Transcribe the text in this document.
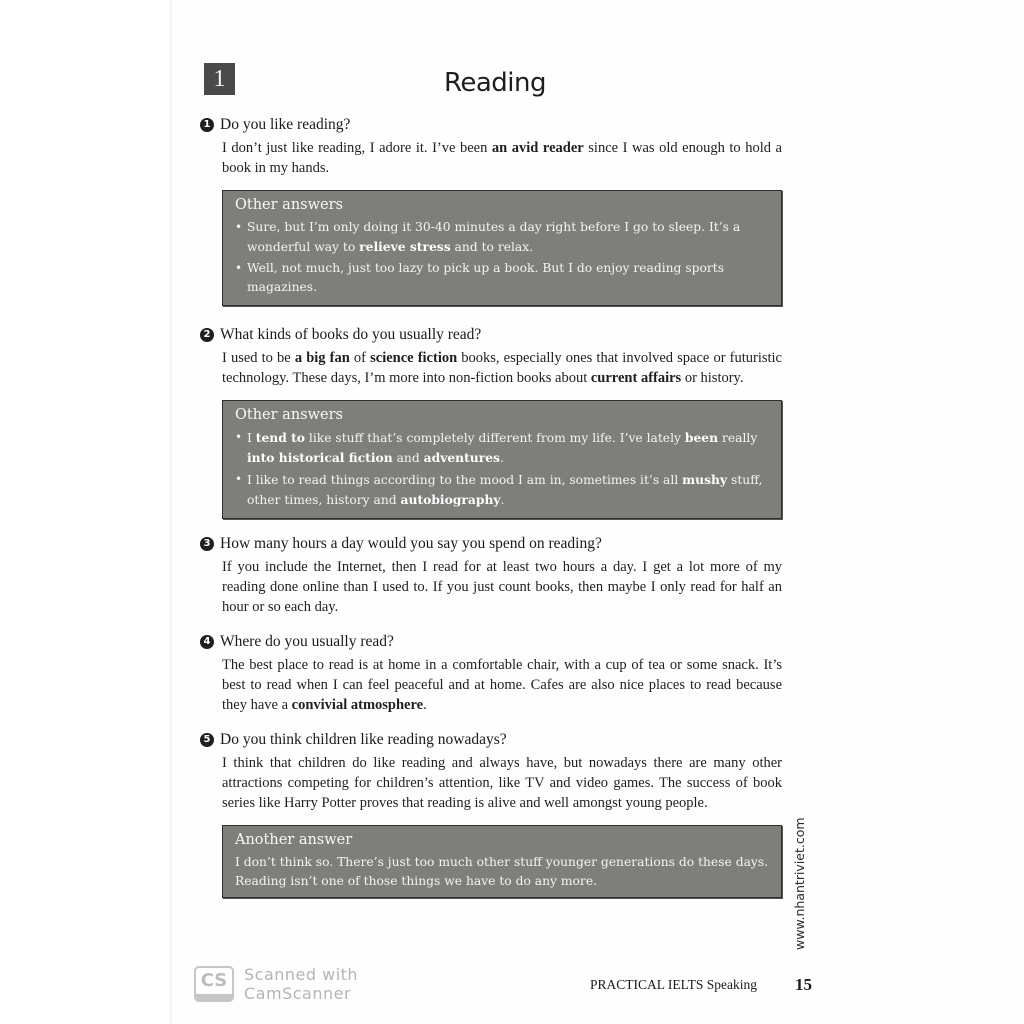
1	Reading
1 Do you like reading?
I don’t just like reading, I adore it. I’ve been an avid reader since I was old enough to hold a book in my hands.
Other answers
• Sure, but I’m only doing it 30-40 minutes a day right before I go to sleep. It’s a wonderful way to relieve stress and to relax.
• Well, not much, just too lazy to pick up a book. But I do enjoy reading sports magazines.
2 What kinds of books do you usually read?
I used to be a big fan of science fiction books, especially ones that involved space or futuristic technology. These days, I’m more into non-fiction books about current affairs or history.
Other answers
• I tend to like stuff that’s completely different from my life. I’ve lately been really into historical fiction and adventures.
• I like to read things according to the mood I am in, sometimes it’s all mushy stuff, other times, history and autobiography.
3 How many hours a day would you say you spend on reading?
If you include the Internet, then I read for at least two hours a day. I get a lot more of my reading done online than I used to. If you just count books, then maybe I only read for half an hour or so each day.
4 Where do you usually read?
The best place to read is at home in a comfortable chair, with a cup of tea or some snack. It’s best to read when I can feel peaceful and at home. Cafes are also nice places to read because they have a convivial atmosphere.
5 Do you think children like reading nowadays?
I think that children do like reading and always have, but nowadays there are many other attractions competing for children’s attention, like TV and video games. The success of book series like Harry Potter proves that reading is alive and well amongst young people.
Another answer
I don’t think so. There’s just too much other stuff younger generations do these days. Reading isn’t one of those things we have to do any more.
CS	Scanned with
CamScanner	PRACTICAL IELTS Speaking 15
www.nhantriviet.com
